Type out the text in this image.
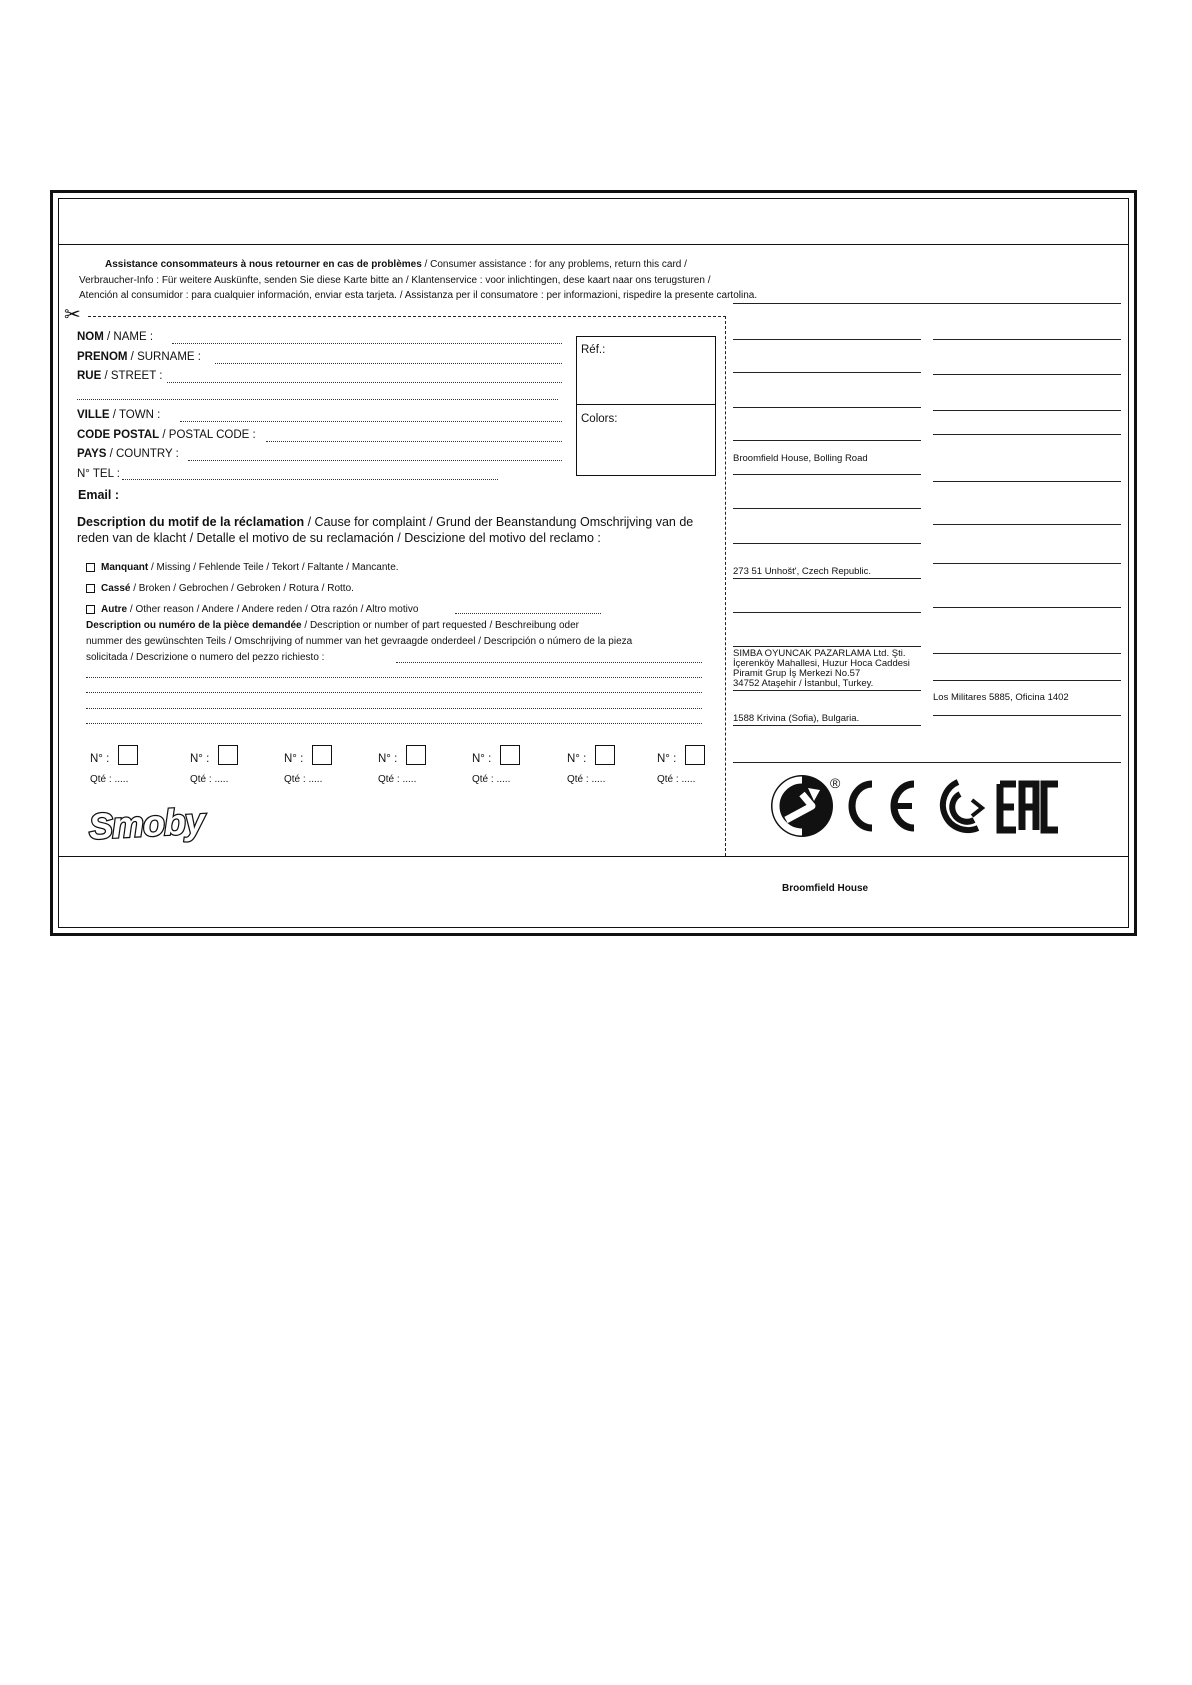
Assistance consommateurs à nous retourner en cas de problèmes / Consumer assistance : for any problems, return this card /
Verbraucher-Info : Für weitere Auskünfte, senden Sie diese Karte bitte an / Klantenservice : voor inlichtingen, dese kaart naar ons terugsturen /
Atención al consumidor : para cualquier información, enviar esta tarjeta. / Assistanza per il consumatore : per informazioni, rispedire la presente cartolina.
✂
NOM / NAME :
PRENOM / SURNAME :
RUE / STREET :
VILLE / TOWN :
CODE POSTAL / POSTAL CODE :
PAYS / COUNTRY :
N° TEL :
Email :
Réf.:
Colors:
Description du motif de la réclamation / Cause for complaint / Grund der Beanstandung Omschrijving van de
reden van de klacht / Detalle el motivo de su reclamación / Descizione del motivo del reclamo :
Manquant / Missing / Fehlende Teile / Tekort / Faltante / Mancante.
Cassé / Broken / Gebrochen / Gebroken / Rotura / Rotto.
Autre / Other reason / Andere / Andere reden / Otra razón / Altro motivo
Description ou numéro de la pièce demandée / Description or number of part requested / Beschreibung oder
nummer des gewünschten Teils / Omschrijving of nummer van het gevraagde onderdeel / Descripción o número de la pieza
solicitada / Descrizione o numero del pezzo richiesto :
N° :
Qté : .....
N° :
Qté : .....
N° :
Qté : .....
N° :
Qté : .....
N° :
Qté : .....
N° :
Qté : .....
N° :
Qté : .....
Smoby
Broomfield House, Bolling Road
273 51 Unhošt', Czech Republic.
SIMBA OYUNCAK PAZARLAMA Ltd. Şti.
İçerenköy Mahallesi, Huzur Hoca Caddesi
Piramit Grup İş Merkezi No.57
34752 Ataşehir / İstanbul, Turkey.
1588 Krivina (Sofia), Bulgaria.
Los Militares 5885, Oficina 1402
®
Broomfield House
